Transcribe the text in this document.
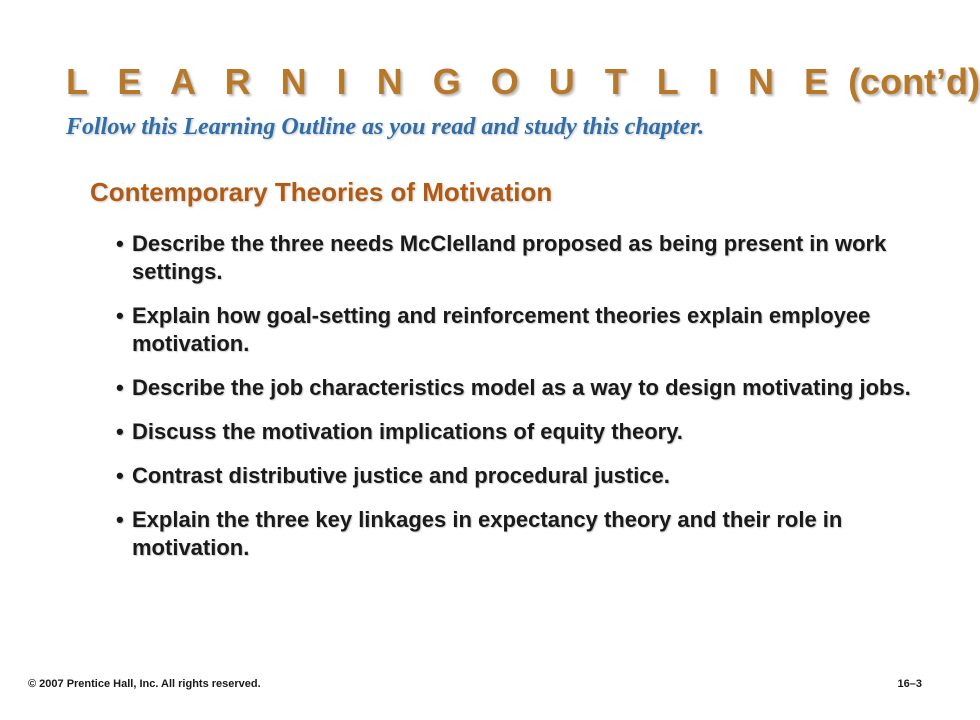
L E A R N I N G O U T L I N E (cont’d)
Follow this Learning Outline as you read and study this chapter.
Contemporary Theories of Motivation
• Describe the three needs McClelland proposed as being present in work settings.
• Explain how goal-setting and reinforcement theories explain employee motivation.
• Describe the job characteristics model as a way to design motivating jobs.
• Discuss the motivation implications of equity theory.
• Contrast distributive justice and procedural justice.
• Explain the three key linkages in expectancy theory and their role in motivation.
© 2007 Prentice Hall, Inc. All rights reserved.	16–3
